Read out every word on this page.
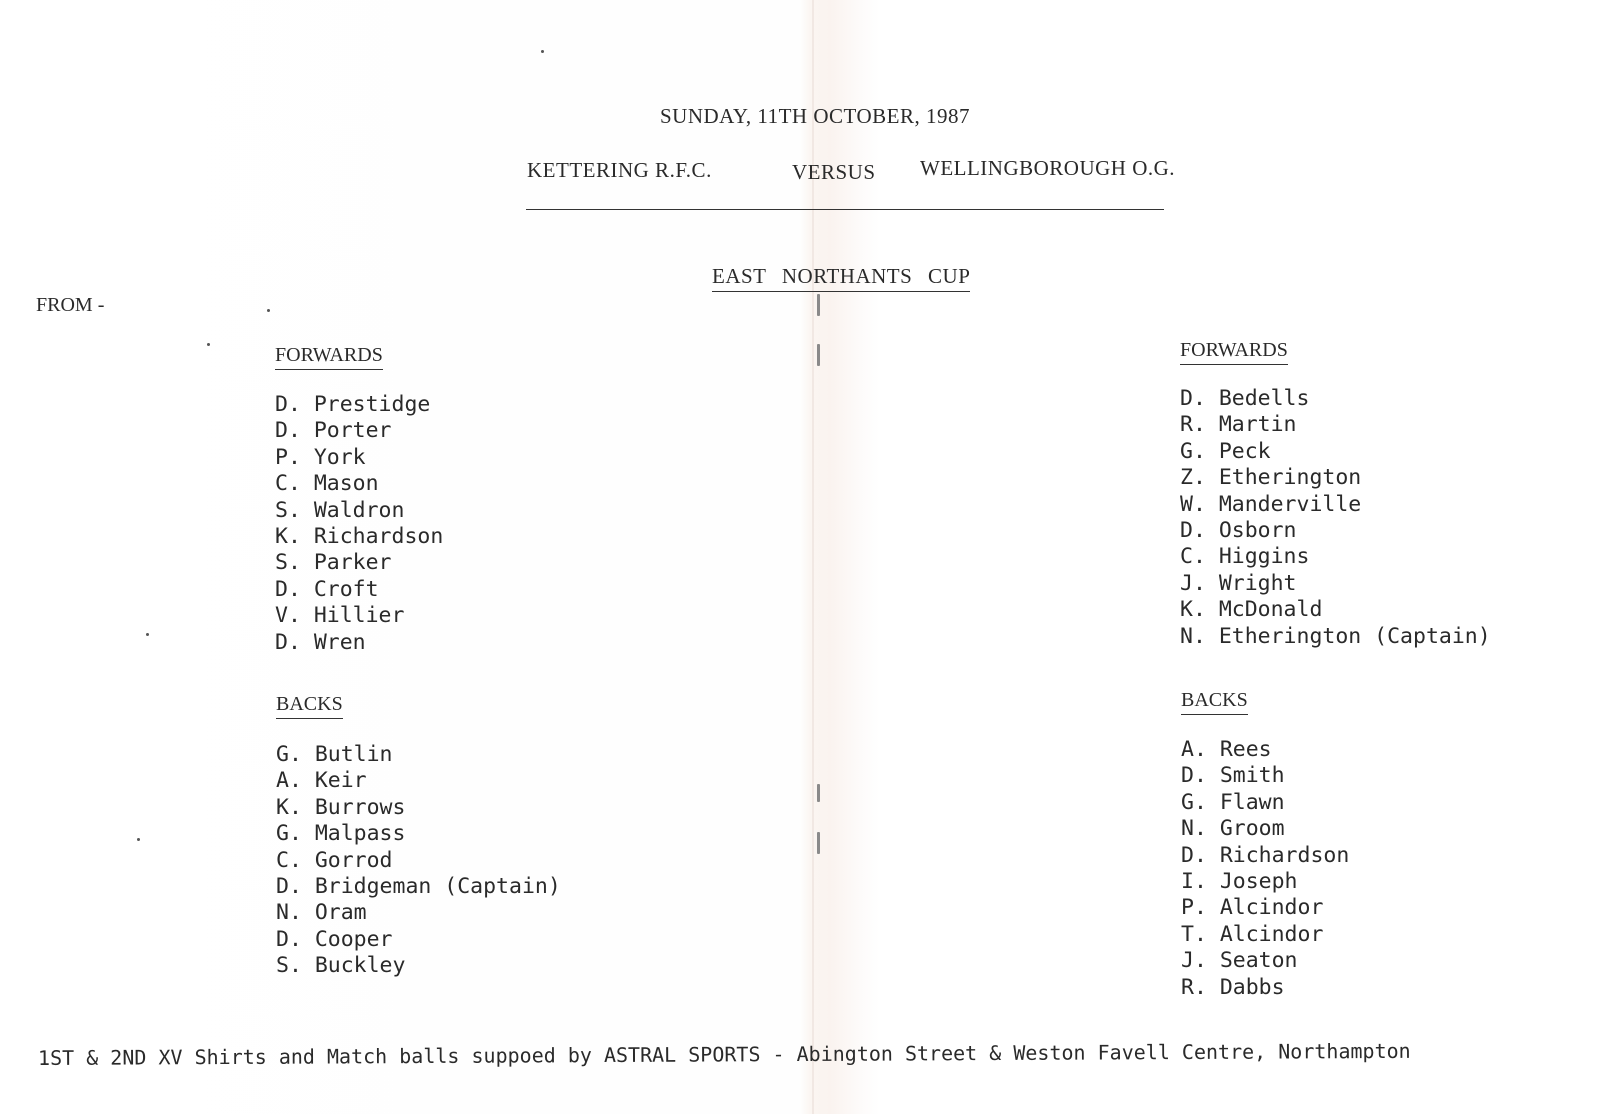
SUNDAY, 11TH OCTOBER, 1987
KETTERING R.F.C.	VERSUS WELLINGBOROUGH O.G.
EAST NORTHANTS CUP
FROM -
FORWARDS
D. Prestidge
D. Porter
P. York
C. Mason
S. Waldron
K. Richardson
S. Parker
D. Croft
V. Hillier
D. Wren
BACKS
G. Butlin
A. Keir
K. Burrows
G. Malpass
C. Gorrod
D. Bridgeman (Captain)
N. Oram
D. Cooper
S. Buckley
FORWARDS
D. Bedells
R. Martin
G. Peck
Z. Etherington
W. Manderville
D. Osborn
C. Higgins
J. Wright
K. McDonald
N. Etherington (Captain)
BACKS
A. Rees
D. Smith
G. Flawn
N. Groom
D. Richardson
I. Joseph
P. Alcindor
T. Alcindor
J. Seaton
R. Dabbs
1ST & 2ND XV Shirts and Match balls suppoed by ASTRAL SPORTS - Abington Street & Weston Favell Centre, Northampton
